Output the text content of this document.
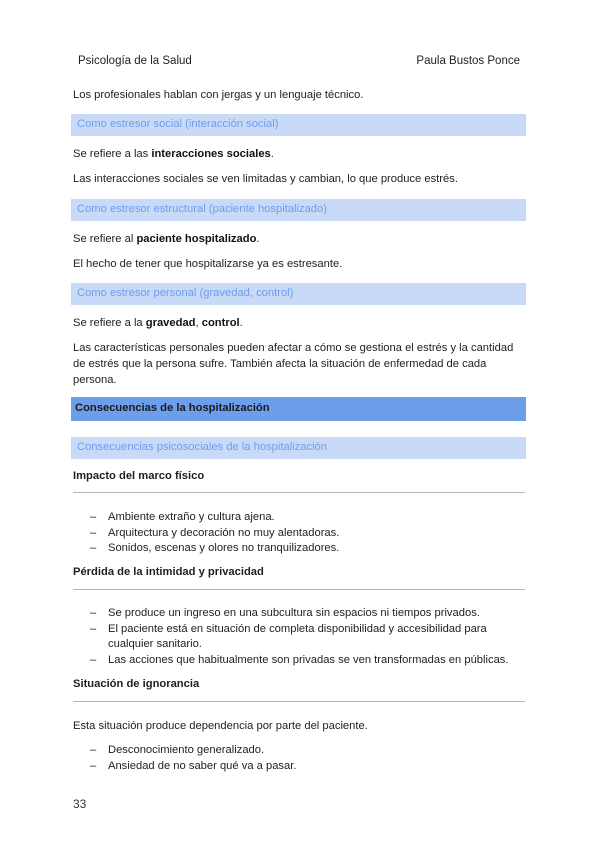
Psicología de la Salud	Paula Bustos Ponce
Los profesionales hablan con jergas y un lenguaje técnico.
Como estresor social (interacción social)
Se refiere a las interacciones sociales.
Las interacciones sociales se ven limitadas y cambian, lo que produce estrés.
Como estresor estructural (paciente hospitalizado)
Se refiere al paciente hospitalizado.
El hecho de tener que hospitalizarse ya es estresante.
Como estresor personal (gravedad, control)
Se refiere a la gravedad, control.
Las características personales pueden afectar a cómo se gestiona el estrés y la cantidad de estrés que la persona sufre. También afecta la situación de enfermedad de cada persona.
Consecuencias de la hospitalización
Consecuencias psicosociales de la hospitalización
Impacto del marco físico
– Ambiente extraño y cultura ajena.
– Arquitectura y decoración no muy alentadoras.
– Sonidos, escenas y olores no tranquilizadores.
Pérdida de la intimidad y privacidad
– Se produce un ingreso en una subcultura sin espacios ni tiempos privados.
– El paciente está en situación de completa disponibilidad y accesibilidad para cualquier sanitario.
– Las acciones que habitualmente son privadas se ven transformadas en públicas.
Situación de ignorancia
Esta situación produce dependencia por parte del paciente.
– Desconocimiento generalizado.
– Ansiedad de no saber qué va a pasar.
33
